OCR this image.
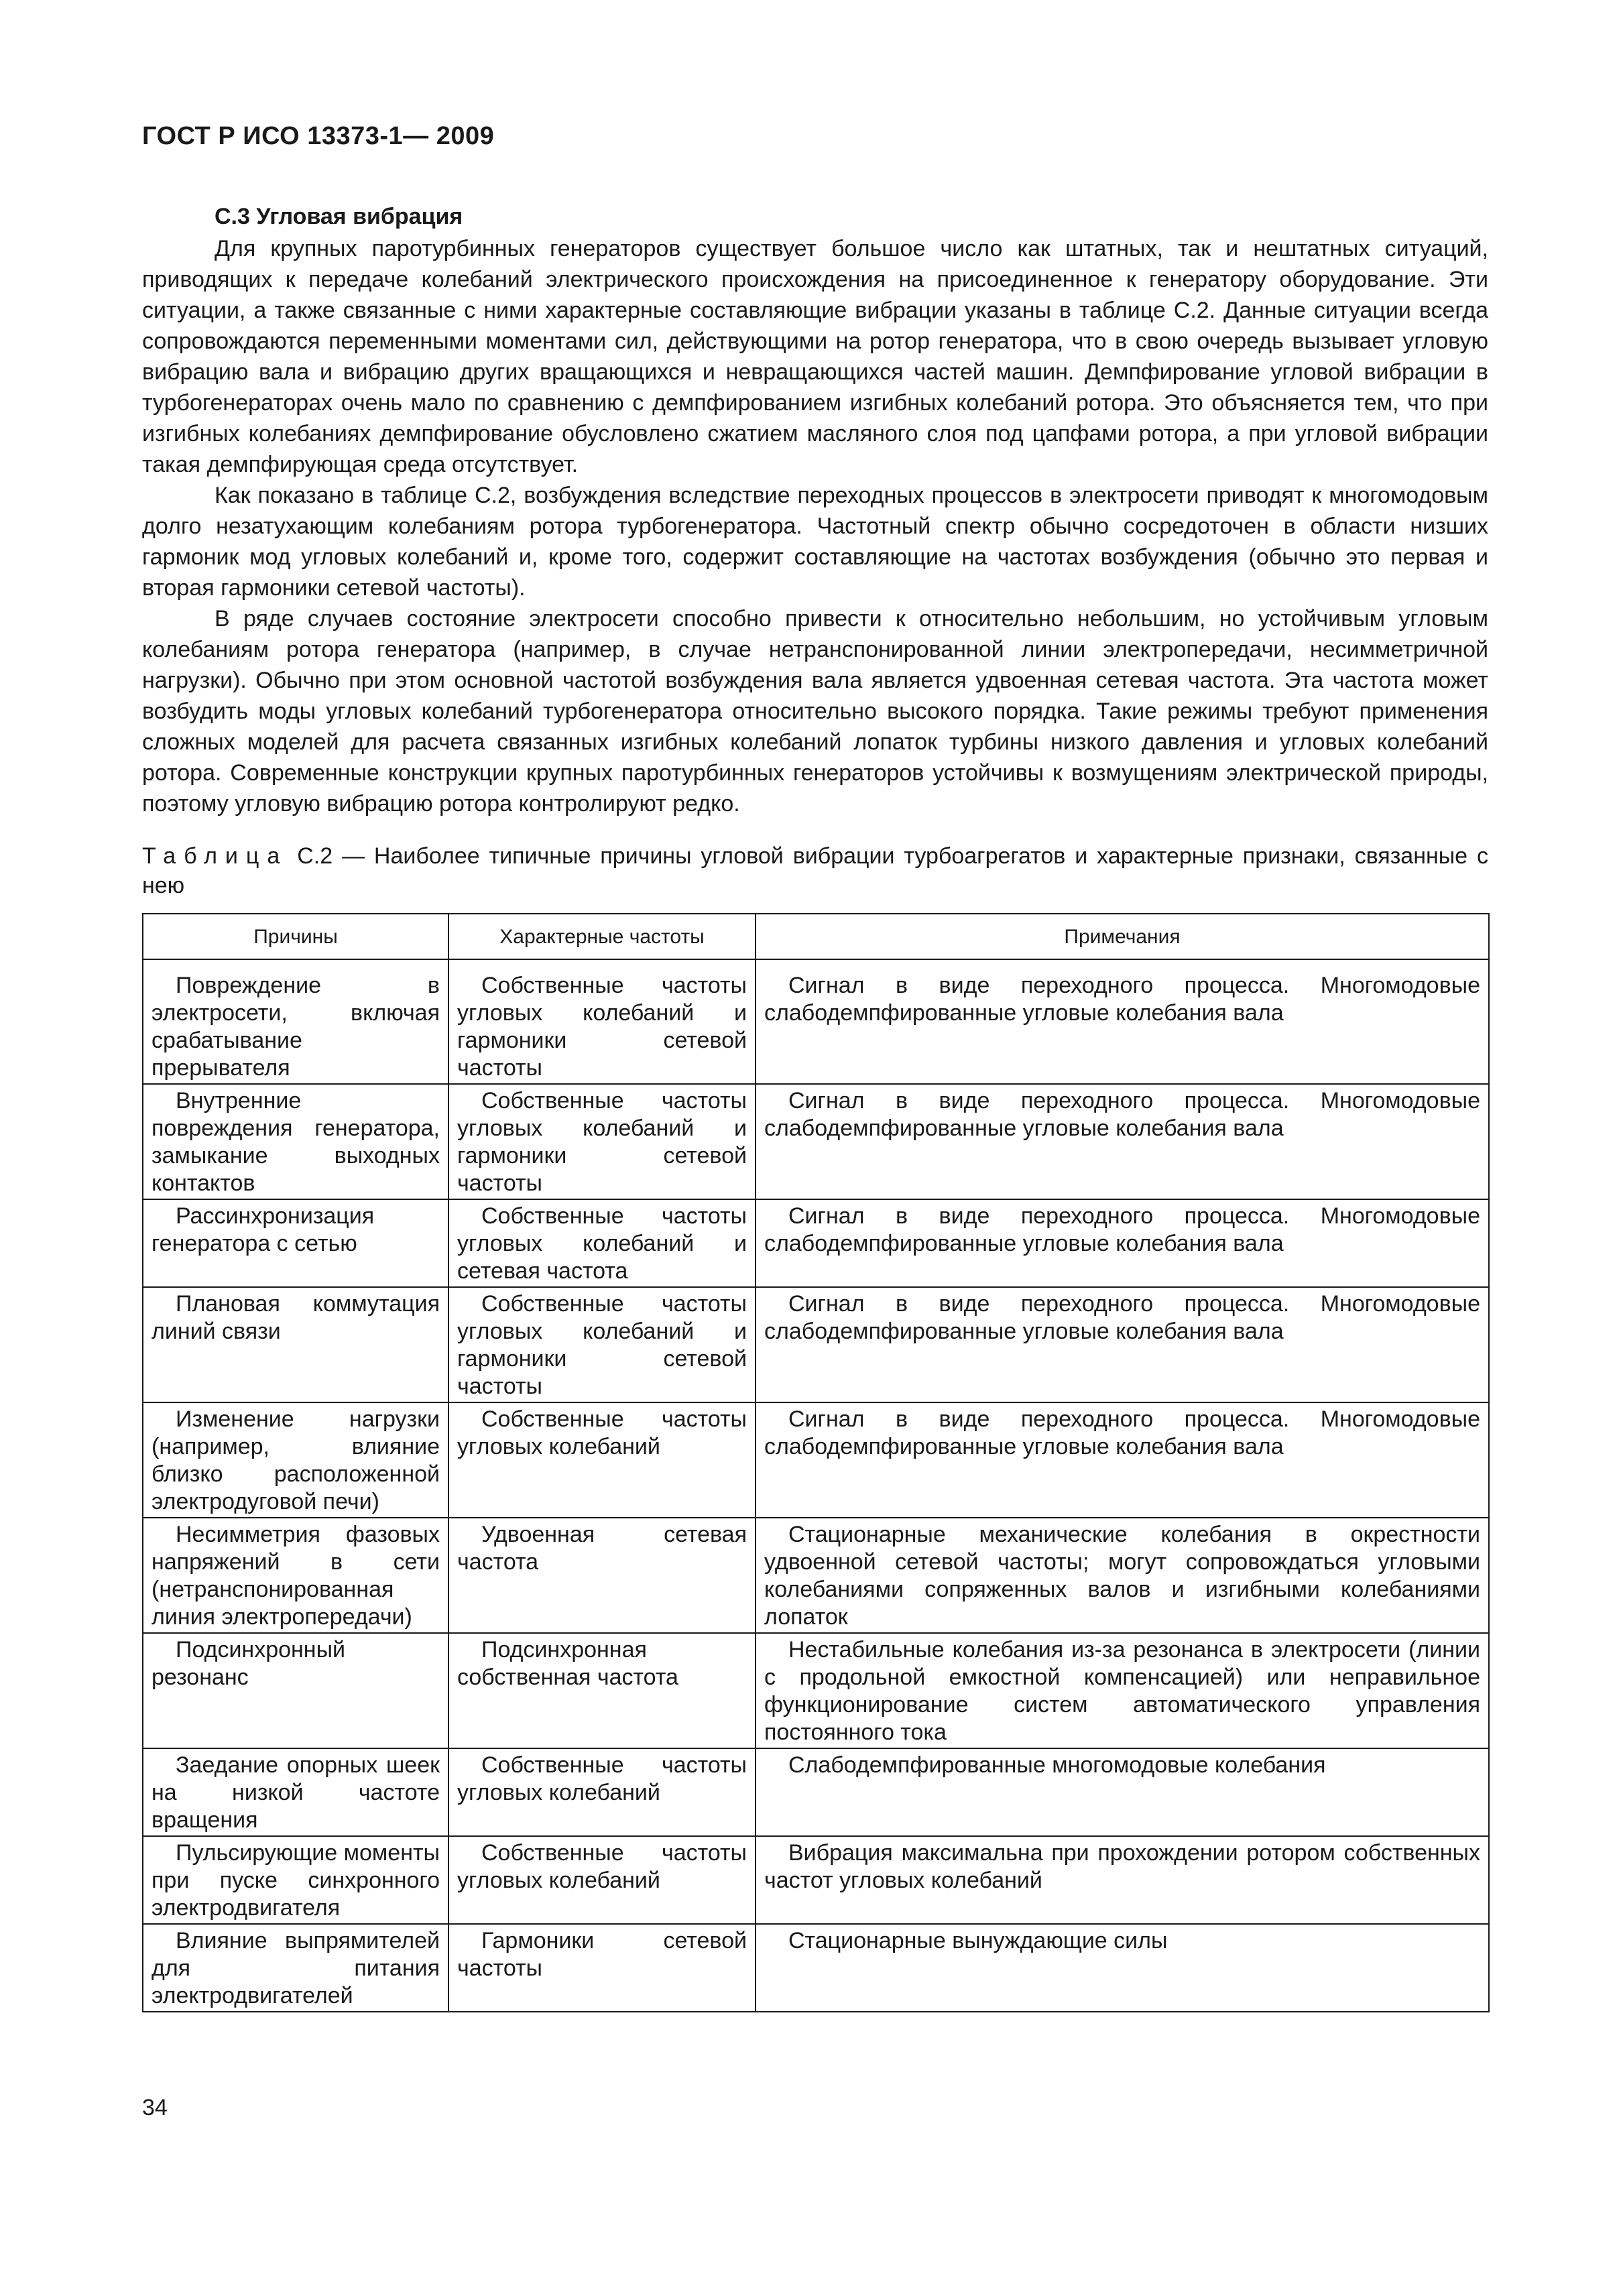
ГОСТ Р ИСО 13373-1— 2009
С.3 Угловая вибрация

Для крупных паротурбинных генераторов существует большое число как штатных, так и нештатных ситуаций, приводящих к передаче колебаний электрического происхождения на присоединенное к генератору оборудование. Эти ситуации, а также связанные с ними характерные составляющие вибрации указаны в таблице С.2. Данные ситуации всегда сопровождаются переменными моментами сил, действующими на ротор генератора, что в свою очередь вызывает угловую вибрацию вала и вибрацию других вращающихся и невращающихся частей машин. Демпфирование угловой вибрации в турбогенераторах очень мало по сравнению с демпфированием изгибных колебаний ротора. Это объясняется тем, что при изгибных колебаниях демпфирование обусловлено сжатием масляного слоя под цапфами ротора, а при угловой вибрации такая демпфирующая среда отсутствует.

Как показано в таблице С.2, возбуждения вследствие переходных процессов в электросети приводят к многомодовым долго незатухающим колебаниям ротора турбогенератора. Частотный спектр обычно сосредоточен в области низших гармоник мод угловых колебаний и, кроме того, содержит составляющие на частотах возбуждения (обычно это первая и вторая гармоники сетевой частоты).

В ряде случаев состояние электросети способно привести к относительно небольшим, но устойчивым угловым колебаниям ротора генератора (например, в случае нетранспонированной линии электропередачи, несимметричной нагрузки). Обычно при этом основной частотой возбуждения вала является удвоенная сетевая частота. Эта частота может возбудить моды угловых колебаний турбогенератора относительно высокого порядка. Такие режимы требуют применения сложных моделей для расчета связанных изгибных колебаний лопаток турбины низкого давления и угловых колебаний ротора. Современные конструкции крупных паротурбинных генераторов устойчивы к возмущениям электрической природы, поэтому угловую вибрацию ротора контролируют редко.

Таблица С.2 — Наиболее типичные причины угловой вибрации турбоагрегатов и характерные признаки, связанные с нею
Причины	Характерные частоты	Примечания

Повреждение в электросети, включая срабатывание прерывателя	Собственные частоты угловых колебаний и гармоники сетевой частоты	Сигнал в виде переходного процесса. Многомодовые слабодемпфированные угловые колебания вала

Внутренние повреждения генератора, замыкание выходных контактов	Собственные частоты угловых колебаний и гармоники сетевой частоты	Сигнал в виде переходного процесса. Многомодовые слабодемпфированные угловые колебания вала

Рассинхронизация генератора с сетью	Собственные частоты угловых колебаний и сетевая частота	Сигнал в виде переходного процесса. Многомодовые слабодемпфированные угловые колебания вала

Плановая коммутация линий связи	Собственные частоты угловых колебаний и гармоники сетевой частоты	Сигнал в виде переходного процесса. Многомодовые слабодемпфированные угловые колебания вала

Изменение нагрузки (например, влияние близко расположенной электродуговой печи)	Собственные частоты угловых колебаний	Сигнал в виде переходного процесса. Многомодовые слабодемпфированные угловые колебания вала

Несимметрия фазовых напряжений в сети (нетранспонированная линия электропередачи)	Удвоенная сетевая частота	Стационарные механические колебания в окрестности удвоенной сетевой частоты; могут сопровождаться угловыми колебаниями сопряженных валов и изгибными колебаниями лопаток

Подсинхронный резонанс	Подсинхронная собственная частота	Нестабильные колебания из-за резонанса в электросети (линии с продольной емкостной компенсацией) или неправильное функционирование систем автоматического управления постоянного тока

Заедание опорных шеек на низкой частоте вращения	Собственные частоты угловых колебаний	Слабодемпфированные многомодовые колебания

Пульсирующие моменты при пуске синхронного электродвигателя	Собственные частоты угловых колебаний	Вибрация максимальна при прохождении ротором собственных частот угловых колебаний

Влияние выпрямителей для питания электродвигателей	Гармоники сетевой частоты	Стационарные вынуждающие силы
34
